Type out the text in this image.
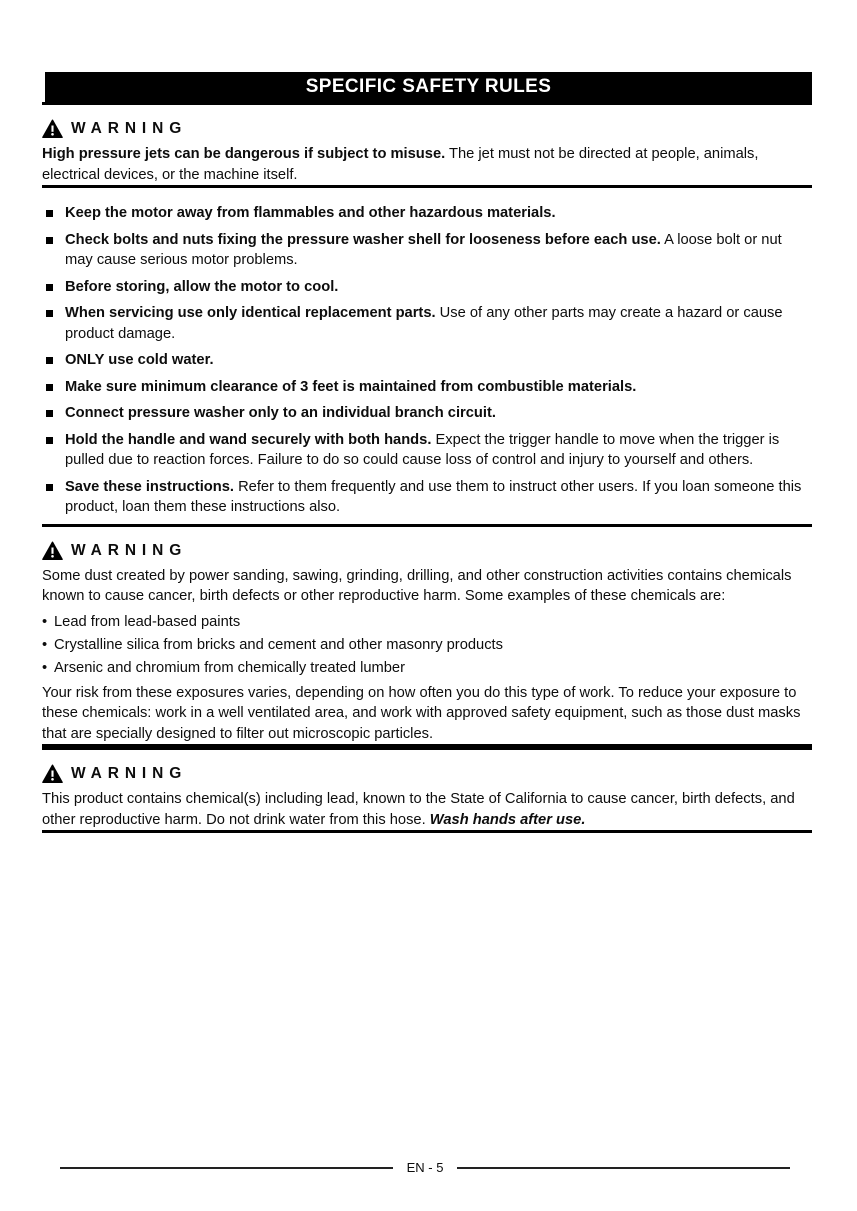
SPECIFIC SAFETY RULES
WARNING

High pressure jets can be dangerous if subject to misuse. The jet must not be directed at people, animals, electrical devices, or the machine itself.

Keep the motor away from flammables and other hazardous materials.
Check bolts and nuts fixing the pressure washer shell for looseness before each use. A loose bolt or nut may cause serious motor problems.
Before storing, allow the motor to cool.
When servicing use only identical replacement parts. Use of any other parts may create a hazard or cause product damage.
ONLY use cold water.
Make sure minimum clearance of 3 feet is maintained from combustible materials.
Connect pressure washer only to an individual branch circuit.
Hold the handle and wand securely with both hands. Expect the trigger handle to move when the trigger is pulled due to reaction forces. Failure to do so could cause loss of control and injury to yourself and others.
Save these instructions. Refer to them frequently and use them to instruct other users. If you loan someone this product, loan them these instructions also.
WARNING

Some dust created by power sanding, sawing, grinding, drilling, and other construction activities contains chemicals known to cause cancer, birth defects or other reproductive harm. Some examples of these chemicals are:

• Lead from lead-based paints

• Crystalline silica from bricks and cement and other masonry products

• Arsenic and chromium from chemically treated lumber

Your risk from these exposures varies, depending on how often you do this type of work. To reduce your exposure to these chemicals: work in a well ventilated area, and work with approved safety equipment, such as those dust masks that are specially designed to filter out microscopic particles.

WARNING

This product contains chemical(s) including lead, known to the State of California to cause cancer, birth defects, and other reproductive harm. Do not drink water from this hose. Wash hands after use.

EN - 5
